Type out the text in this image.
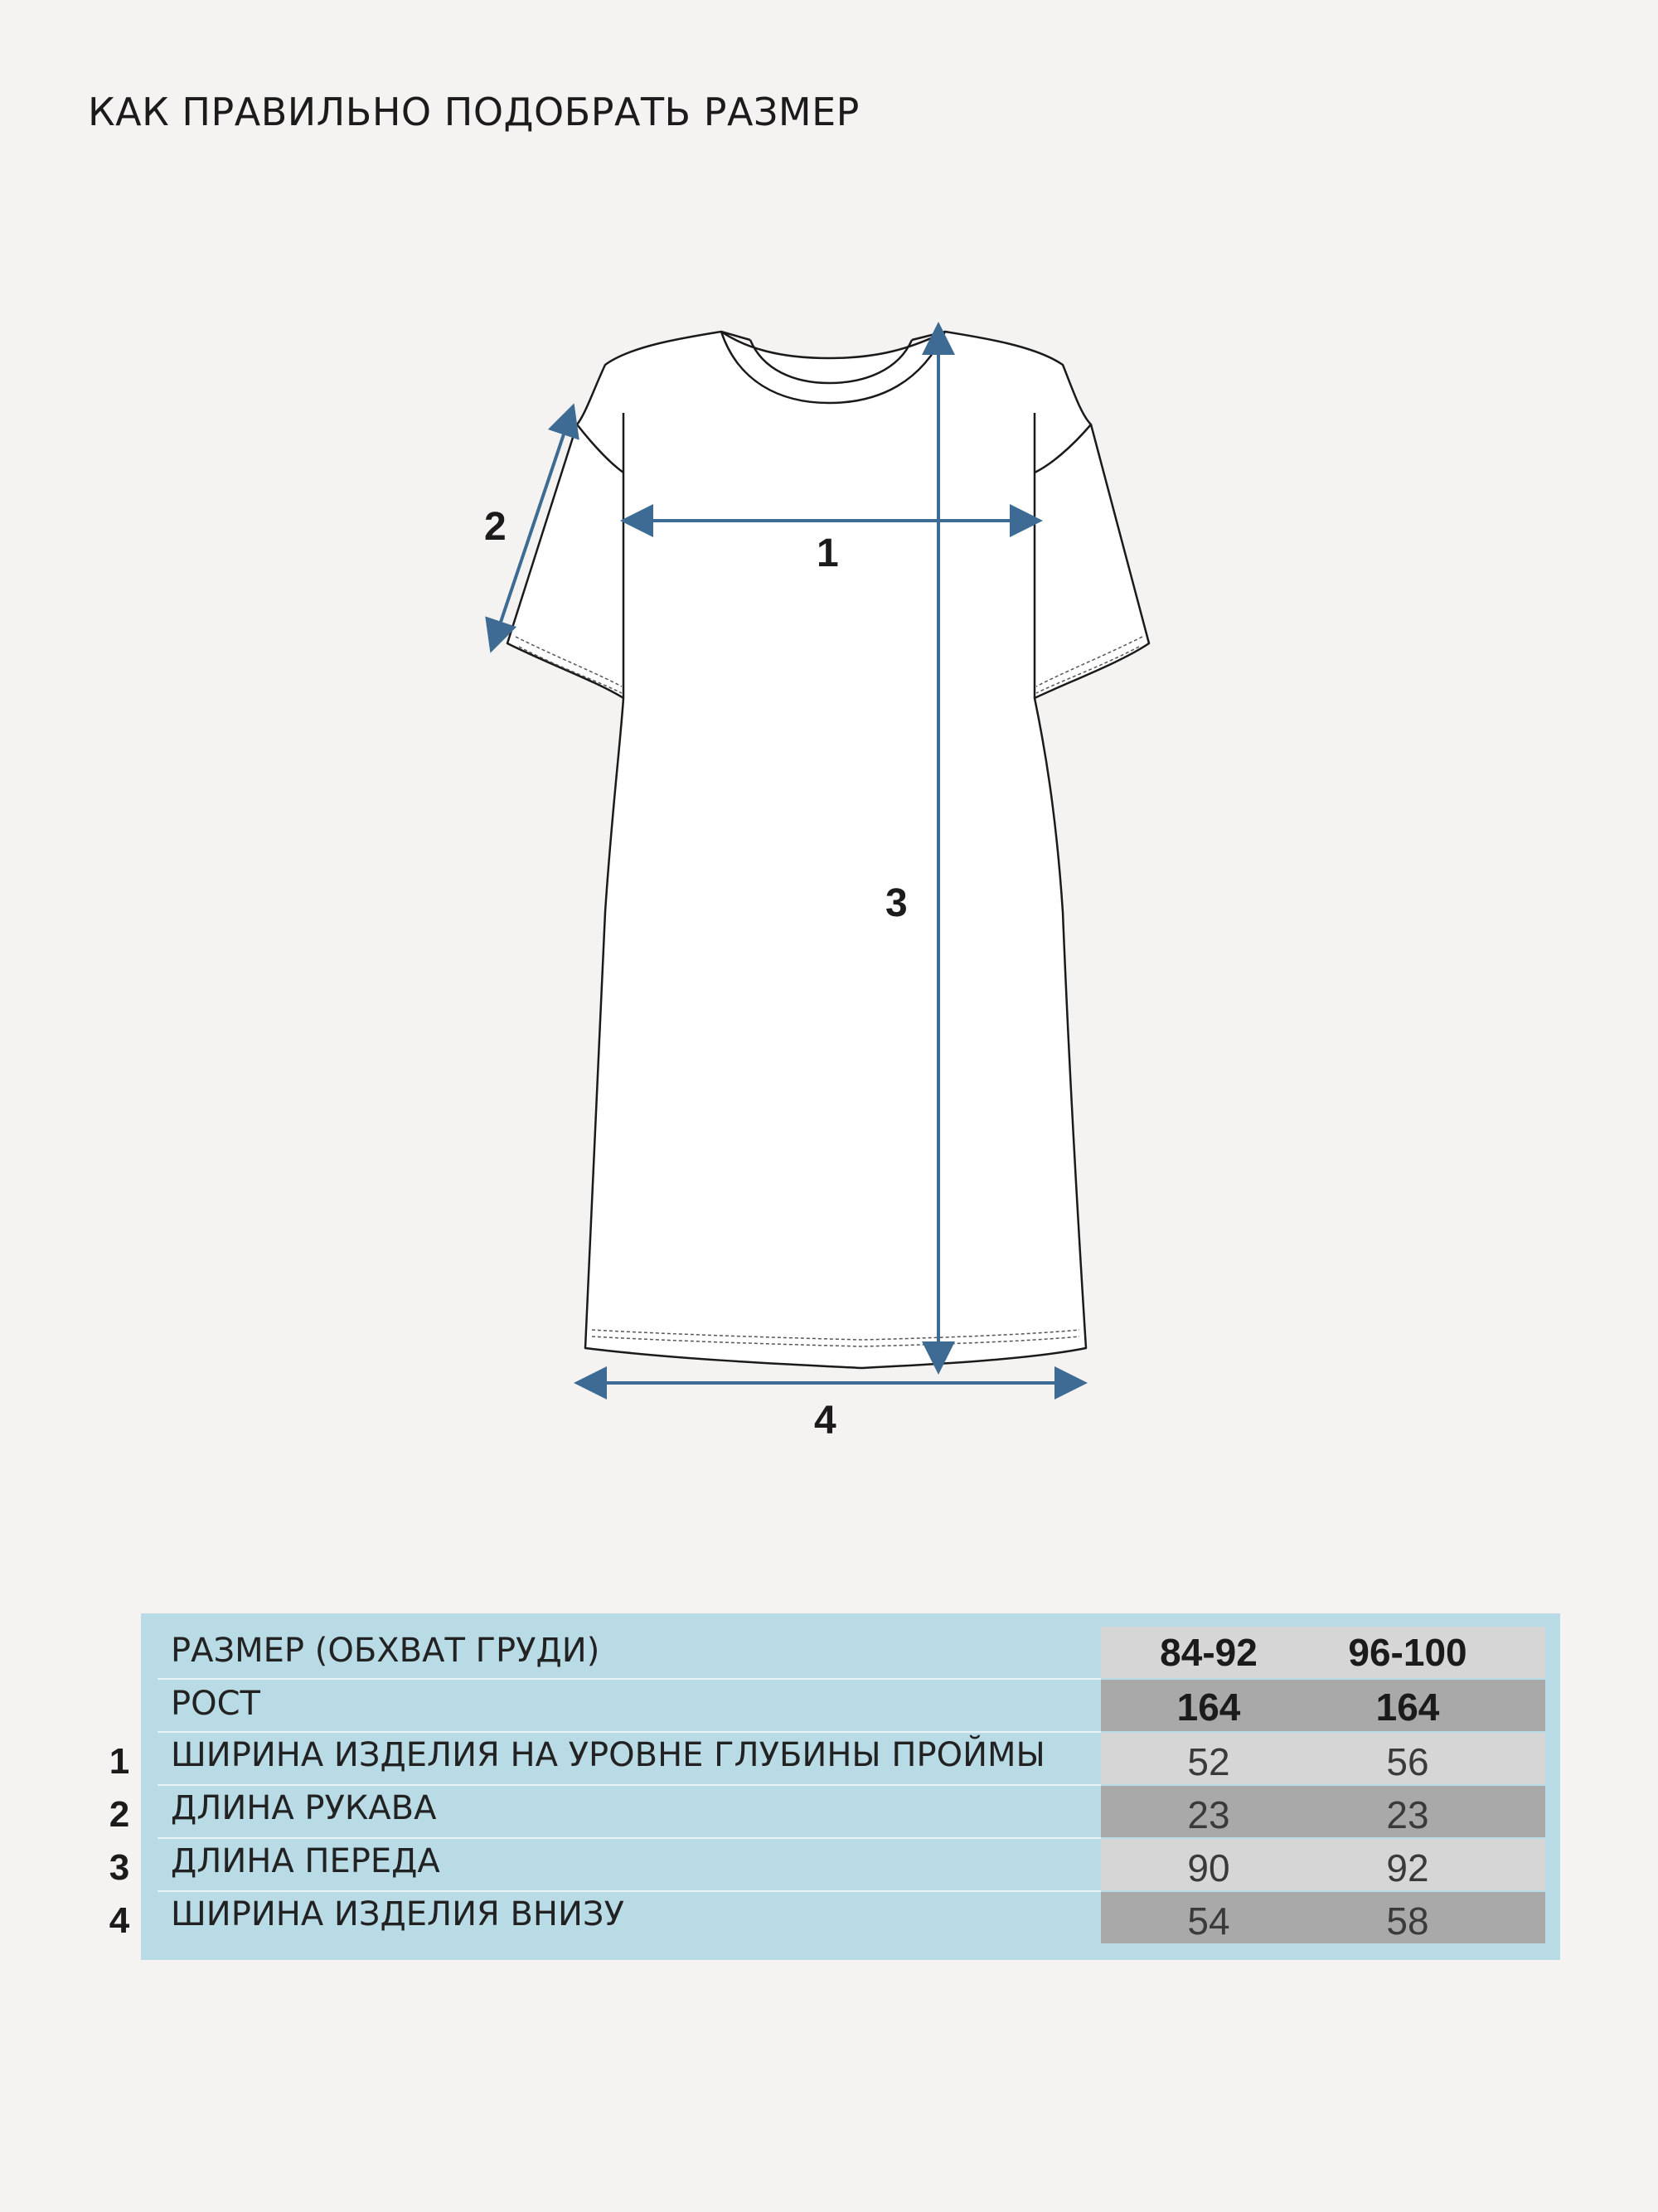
КАК ПРАВИЛЬНО ПОДОБРАТЬ РАЗМЕР
1
2
3
4
РАЗМЕР (ОБХВАТ ГРУДИ)	84-92	96-100
РОСТ	164	164
1 ШИРИНА ИЗДЕЛИЯ НА УРОВНЕ ГЛУБИНЫ ПРОЙМЫ	52	56
2 ДЛИНА РУКАВА	23	23
3 ДЛИНА ПЕРЕДА	90	92
4 ШИРИНА ИЗДЕЛИЯ ВНИЗУ	54	58
